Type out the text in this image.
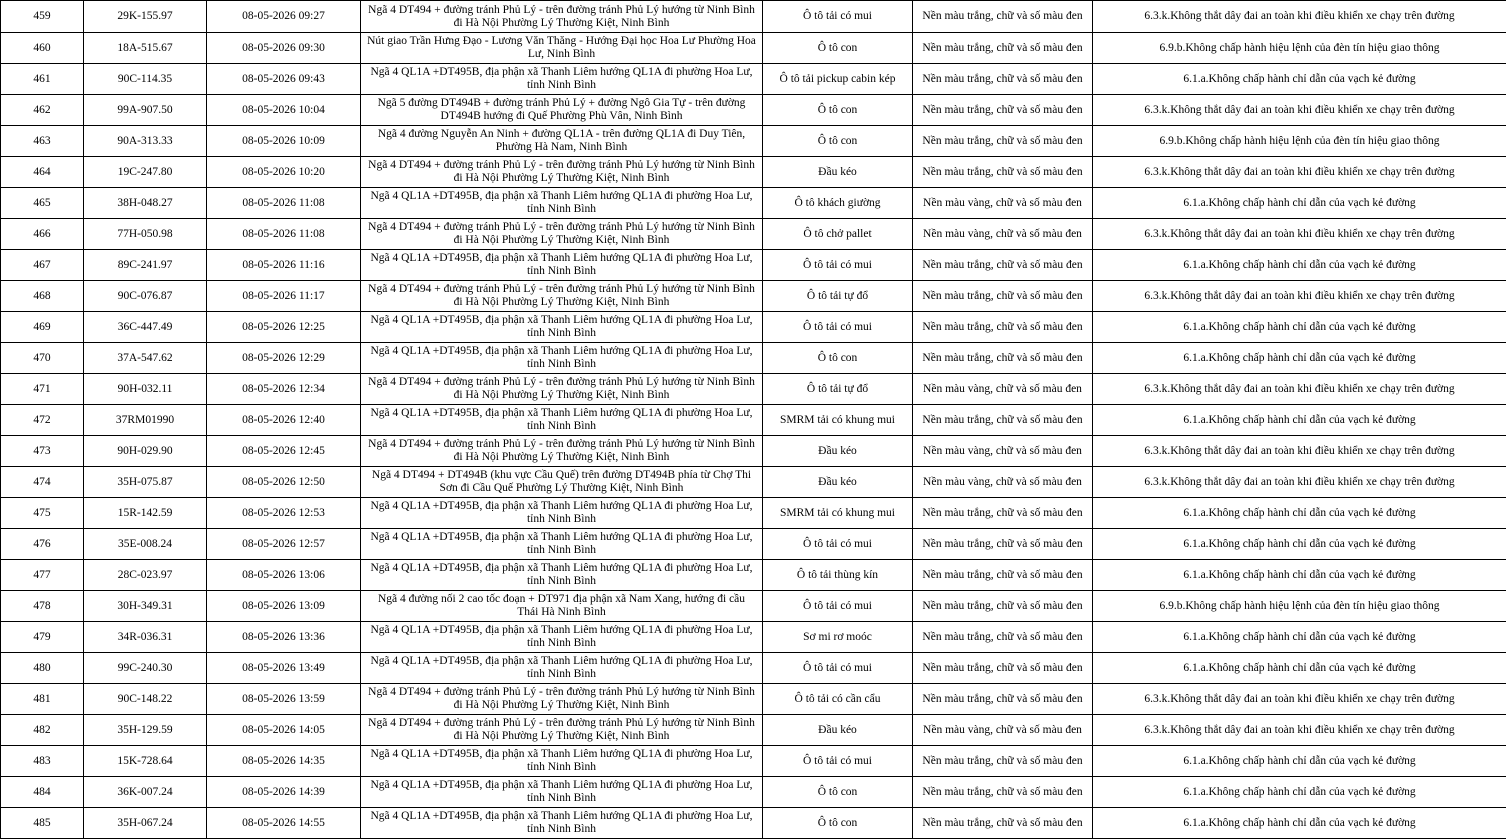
459	29K-155.97	08-05-2026 09:27	Ngã 4 DT494 + đường tránh Phủ Lý - trên đường tránh Phủ Lý hướng từ Ninh Bình đi Hà Nội Phường Lý Thường Kiệt, Ninh Bình	Ô tô tải có mui	Nền màu trắng, chữ và số màu đen	6.3.k.Không thắt dây đai an toàn khi điều khiển xe chạy trên đường
460	18A-515.67	08-05-2026 09:30	Nút giao Trần Hưng Đạo - Lương Văn Thăng - Hướng Đại học Hoa Lư Phường Hoa Lư, Ninh Bình	Ô tô con	Nền màu trắng, chữ và số màu đen	6.9.b.Không chấp hành hiệu lệnh của đèn tín hiệu giao thông
461	90C-114.35	08-05-2026 09:43	Ngã 4 QL1A +DT495B, địa phận xã Thanh Liêm hướng QL1A đi phường Hoa Lư, tỉnh Ninh Bình	Ô tô tải pickup cabin kép	Nền màu trắng, chữ và số màu đen	6.1.a.Không chấp hành chỉ dẫn của vạch kẻ đường
462	99A-907.50	08-05-2026 10:04	Ngã 5 đường DT494B + đường tránh Phủ Lý + đường Ngô Gia Tự - trên đường DT494B hướng đi Quế Phường Phù Vân, Ninh Bình	Ô tô con	Nền màu trắng, chữ và số màu đen	6.3.k.Không thắt dây đai an toàn khi điều khiển xe chạy trên đường
463	90A-313.33	08-05-2026 10:09	Ngã 4 đường Nguyễn An Ninh + đường QL1A - trên đường QL1A đi Duy Tiên, Phường Hà Nam, Ninh Bình	Ô tô con	Nền màu trắng, chữ và số màu đen	6.9.b.Không chấp hành hiệu lệnh của đèn tín hiệu giao thông
464	19C-247.80	08-05-2026 10:20	Ngã 4 DT494 + đường tránh Phủ Lý - trên đường tránh Phủ Lý hướng từ Ninh Bình đi Hà Nội Phường Lý Thường Kiệt, Ninh Bình	Đầu kéo	Nền màu trắng, chữ và số màu đen	6.3.k.Không thắt dây đai an toàn khi điều khiển xe chạy trên đường
465	38H-048.27	08-05-2026 11:08	Ngã 4 QL1A +DT495B, địa phận xã Thanh Liêm hướng QL1A đi phường Hoa Lư, tỉnh Ninh Bình	Ô tô khách giường	Nền màu vàng, chữ và số màu đen	6.1.a.Không chấp hành chỉ dẫn của vạch kẻ đường
466	77H-050.98	08-05-2026 11:08	Ngã 4 DT494 + đường tránh Phủ Lý - trên đường tránh Phủ Lý hướng từ Ninh Bình đi Hà Nội Phường Lý Thường Kiệt, Ninh Bình	Ô tô chở pallet	Nền màu vàng, chữ và số màu đen	6.3.k.Không thắt dây đai an toàn khi điều khiển xe chạy trên đường
467	89C-241.97	08-05-2026 11:16	Ngã 4 QL1A +DT495B, địa phận xã Thanh Liêm hướng QL1A đi phường Hoa Lư, tỉnh Ninh Bình	Ô tô tải có mui	Nền màu trắng, chữ và số màu đen	6.1.a.Không chấp hành chỉ dẫn của vạch kẻ đường
468	90C-076.87	08-05-2026 11:17	Ngã 4 DT494 + đường tránh Phủ Lý - trên đường tránh Phủ Lý hướng từ Ninh Bình đi Hà Nội Phường Lý Thường Kiệt, Ninh Bình	Ô tô tải tự đổ	Nền màu trắng, chữ và số màu đen	6.3.k.Không thắt dây đai an toàn khi điều khiển xe chạy trên đường
469	36C-447.49	08-05-2026 12:25	Ngã 4 QL1A +DT495B, địa phận xã Thanh Liêm hướng QL1A đi phường Hoa Lư, tỉnh Ninh Bình	Ô tô tải có mui	Nền màu trắng, chữ và số màu đen	6.1.a.Không chấp hành chỉ dẫn của vạch kẻ đường
470	37A-547.62	08-05-2026 12:29	Ngã 4 QL1A +DT495B, địa phận xã Thanh Liêm hướng QL1A đi phường Hoa Lư, tỉnh Ninh Bình	Ô tô con	Nền màu trắng, chữ và số màu đen	6.1.a.Không chấp hành chỉ dẫn của vạch kẻ đường
471	90H-032.11	08-05-2026 12:34	Ngã 4 DT494 + đường tránh Phủ Lý - trên đường tránh Phủ Lý hướng từ Ninh Bình đi Hà Nội Phường Lý Thường Kiệt, Ninh Bình	Ô tô tải tự đổ	Nền màu vàng, chữ và số màu đen	6.3.k.Không thắt dây đai an toàn khi điều khiển xe chạy trên đường
472	37RM01990	08-05-2026 12:40	Ngã 4 QL1A +DT495B, địa phận xã Thanh Liêm hướng QL1A đi phường Hoa Lư, tỉnh Ninh Bình	SMRM tải có khung mui	Nền màu trắng, chữ và số màu đen	6.1.a.Không chấp hành chỉ dẫn của vạch kẻ đường
473	90H-029.90	08-05-2026 12:45	Ngã 4 DT494 + đường tránh Phủ Lý - trên đường tránh Phủ Lý hướng từ Ninh Bình đi Hà Nội Phường Lý Thường Kiệt, Ninh Bình	Đầu kéo	Nền màu vàng, chữ và số màu đen	6.3.k.Không thắt dây đai an toàn khi điều khiển xe chạy trên đường
474	35H-075.87	08-05-2026 12:50	Ngã 4 DT494 + DT494B (khu vực Cầu Quế) trên đường DT494B phía từ Chợ Thi Sơn đi Cầu Quế Phường Lý Thường Kiệt, Ninh Bình	Đầu kéo	Nền màu vàng, chữ và số màu đen	6.3.k.Không thắt dây đai an toàn khi điều khiển xe chạy trên đường
475	15R-142.59	08-05-2026 12:53	Ngã 4 QL1A +DT495B, địa phận xã Thanh Liêm hướng QL1A đi phường Hoa Lư, tỉnh Ninh Bình	SMRM tải có khung mui	Nền màu trắng, chữ và số màu đen	6.1.a.Không chấp hành chỉ dẫn của vạch kẻ đường
476	35E-008.24	08-05-2026 12:57	Ngã 4 QL1A +DT495B, địa phận xã Thanh Liêm hướng QL1A đi phường Hoa Lư, tỉnh Ninh Bình	Ô tô tải có mui	Nền màu trắng, chữ và số màu đen	6.1.a.Không chấp hành chỉ dẫn của vạch kẻ đường
477	28C-023.97	08-05-2026 13:06	Ngã 4 QL1A +DT495B, địa phận xã Thanh Liêm hướng QL1A đi phường Hoa Lư, tỉnh Ninh Bình	Ô tô tải thùng kín	Nền màu trắng, chữ và số màu đen	6.1.a.Không chấp hành chỉ dẫn của vạch kẻ đường
478	30H-349.31	08-05-2026 13:09	Ngã 4 đường nối 2 cao tốc đoạn + DT971 địa phận xã Nam Xang, hướng đi cầu Thái Hà Ninh Bình	Ô tô tải có mui	Nền màu trắng, chữ và số màu đen	6.9.b.Không chấp hành hiệu lệnh của đèn tín hiệu giao thông
479	34R-036.31	08-05-2026 13:36	Ngã 4 QL1A +DT495B, địa phận xã Thanh Liêm hướng QL1A đi phường Hoa Lư, tỉnh Ninh Bình	Sơ mi rơ moóc	Nền màu trắng, chữ và số màu đen	6.1.a.Không chấp hành chỉ dẫn của vạch kẻ đường
480	99C-240.30	08-05-2026 13:49	Ngã 4 QL1A +DT495B, địa phận xã Thanh Liêm hướng QL1A đi phường Hoa Lư, tỉnh Ninh Bình	Ô tô tải có mui	Nền màu trắng, chữ và số màu đen	6.1.a.Không chấp hành chỉ dẫn của vạch kẻ đường
481	90C-148.22	08-05-2026 13:59	Ngã 4 DT494 + đường tránh Phủ Lý - trên đường tránh Phủ Lý hướng từ Ninh Bình đi Hà Nội Phường Lý Thường Kiệt, Ninh Bình	Ô tô tải có cần cẩu	Nền màu trắng, chữ và số màu đen	6.3.k.Không thắt dây đai an toàn khi điều khiển xe chạy trên đường
482	35H-129.59	08-05-2026 14:05	Ngã 4 DT494 + đường tránh Phủ Lý - trên đường tránh Phủ Lý hướng từ Ninh Bình đi Hà Nội Phường Lý Thường Kiệt, Ninh Bình	Đầu kéo	Nền màu vàng, chữ và số màu đen	6.3.k.Không thắt dây đai an toàn khi điều khiển xe chạy trên đường
483	15K-728.64	08-05-2026 14:35	Ngã 4 QL1A +DT495B, địa phận xã Thanh Liêm hướng QL1A đi phường Hoa Lư, tỉnh Ninh Bình	Ô tô tải có mui	Nền màu trắng, chữ và số màu đen	6.1.a.Không chấp hành chỉ dẫn của vạch kẻ đường
484	36K-007.24	08-05-2026 14:39	Ngã 4 QL1A +DT495B, địa phận xã Thanh Liêm hướng QL1A đi phường Hoa Lư, tỉnh Ninh Bình	Ô tô con	Nền màu trắng, chữ và số màu đen	6.1.a.Không chấp hành chỉ dẫn của vạch kẻ đường
485	35H-067.24	08-05-2026 14:55	Ngã 4 QL1A +DT495B, địa phận xã Thanh Liêm hướng QL1A đi phường Hoa Lư, tỉnh Ninh Bình	Ô tô con	Nền màu trắng, chữ và số màu đen	6.1.a.Không chấp hành chỉ dẫn của vạch kẻ đường
